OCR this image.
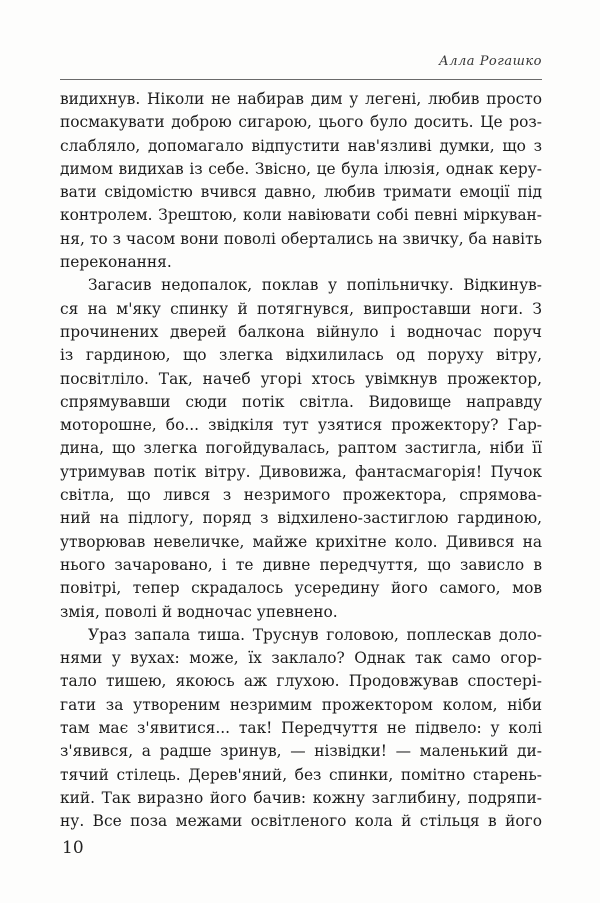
Алла Рогашко

видихнув. Ніколи не набирав дим у легені, любив просто
посмакувати доброю сигарою, цього було досить. Це роз-
слабляло, допомагало відпустити нав'язливі думки, що з
димом видихав із себе. Звісно, це була ілюзія, однак керу-
вати свідомістю вчився давно, любив тримати емоції під
контролем. Зрештою, коли навіювати собі певні міркуван-
ня, то з часом вони поволі обертались на звичку, ба навіть
переконання.

Загасив недопалок, поклав у попільничку. Відкинув-
ся на м'яку спинку й потягнувся, випроставши ноги. З
прочинених дверей балкона війнуло і водночас поруч
із гардиною, що злегка відхилилась од поруху вітру,
посвітліло. Так, начеб угорі хтось увімкнув прожектор,
спрямувавши сюди потік світла. Видовище направду
моторошне, бо... звідкіля тут узятися прожектору? Гар-
дина, що злегка погойдувалась, раптом застигла, ніби її
утримував потік вітру. Дивовижа, фантасмагорія! Пучок
світла, що лився з незримого прожектора, спрямова-
ний на підлогу, поряд з відхилено-застиглою гардиною,
утворював невеличке, майже крихітне коло. Дивився на
нього зачаровано, і те дивне передчуття, що зависло в
повітрі, тепер скрадалось усередину його самого, мов
змія, поволі й водночас упевнено.

Ураз запала тиша. Труснув головою, поплескав доло-
нями у вухах: може, їх заклало? Однак так само огор-
тало тишею, якоюсь аж глухою. Продовжував спостері-
гати за утвореним незримим прожектором колом, ніби
там має з'явитися... так! Передчуття не підвело: у колі
з'явився, а радше зринув, — нізвідки! — маленький ди-
тячий стілець. Дерев'яний, без спинки, помітно старень-
кий. Так виразно його бачив: кожну заглибину, подряпи-
ну. Все поза межами освітленого кола й стільця в його

10
